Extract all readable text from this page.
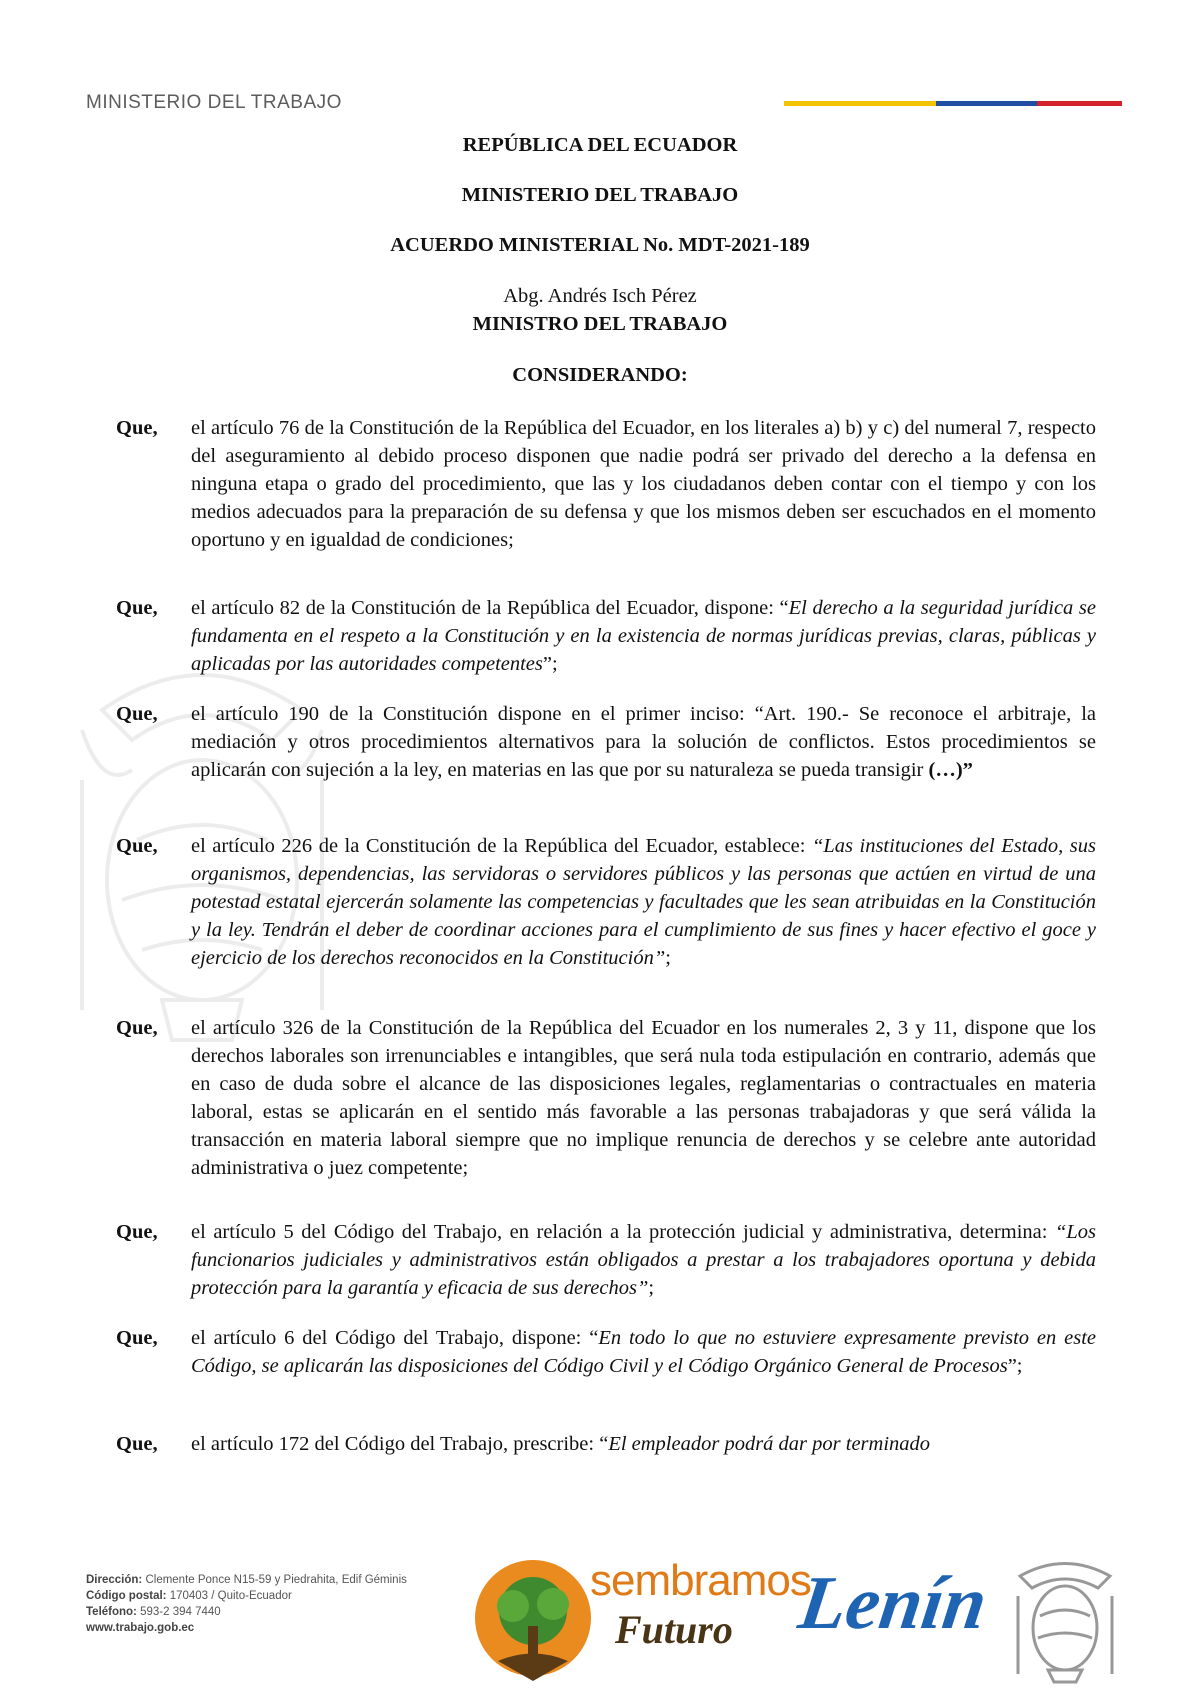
MINISTERIO DEL TRABAJO
REPÚBLICA DEL ECUADOR
MINISTERIO DEL TRABAJO
ACUERDO MINISTERIAL No. MDT-2021-189
Abg. Andrés Isch Pérez
MINISTRO DEL TRABAJO
CONSIDERANDO:
Que, el artículo 76 de la Constitución de la República del Ecuador, en los literales a) b) y c) del numeral 7, respecto del aseguramiento al debido proceso disponen que nadie podrá ser privado del derecho a la defensa en ninguna etapa o grado del procedimiento, que las y los ciudadanos deben contar con el tiempo y con los medios adecuados para la preparación de su defensa y que los mismos deben ser escuchados en el momento oportuno y en igualdad de condiciones;
Que, el artículo 82 de la Constitución de la República del Ecuador, dispone: “El derecho a la seguridad jurídica se fundamenta en el respeto a la Constitución y en la existencia de normas jurídicas previas, claras, públicas y aplicadas por las autoridades competentes”;
Que, el artículo 190 de la Constitución dispone en el primer inciso: “Art. 190.- Se reconoce el arbitraje, la mediación y otros procedimientos alternativos para la solución de conflictos. Estos procedimientos se aplicarán con sujeción a la ley, en materias en las que por su naturaleza se pueda transigir (…)”
Que, el artículo 226 de la Constitución de la República del Ecuador, establece: “Las instituciones del Estado, sus organismos, dependencias, las servidoras o servidores públicos y las personas que actúen en virtud de una potestad estatal ejercerán solamente las competencias y facultades que les sean atribuidas en la Constitución y la ley. Tendrán el deber de coordinar acciones para el cumplimiento de sus fines y hacer efectivo el goce y ejercicio de los derechos reconocidos en la Constitución”;
Que, el artículo 326 de la Constitución de la República del Ecuador en los numerales 2, 3 y 11, dispone que los derechos laborales son irrenunciables e intangibles, que será nula toda estipulación en contrario, además que en caso de duda sobre el alcance de las disposiciones legales, reglamentarias o contractuales en materia laboral, estas se aplicarán en el sentido más favorable a las personas trabajadoras y que será válida la transacción en materia laboral siempre que no implique renuncia de derechos y se celebre ante autoridad administrativa o juez competente;
Que, el artículo 5 del Código del Trabajo, en relación a la protección judicial y administrativa, determina: “Los funcionarios judiciales y administrativos están obligados a prestar a los trabajadores oportuna y debida protección para la garantía y eficacia de sus derechos”;
Que, el artículo 6 del Código del Trabajo, dispone: “En todo lo que no estuviere expresamente previsto en este Código, se aplicarán las disposiciones del Código Civil y el Código Orgánico General de Procesos”;
Que, el artículo 172 del Código del Trabajo, prescribe: “El empleador podrá dar por terminado
Dirección: Clemente Ponce N15-59 y Piedrahita, Edif Géminis
Código postal: 170403 / Quito-Ecuador
Teléfono: 593-2 394 7440
www.trabajo.gob.ec
sembramos
Futuro Lenín
